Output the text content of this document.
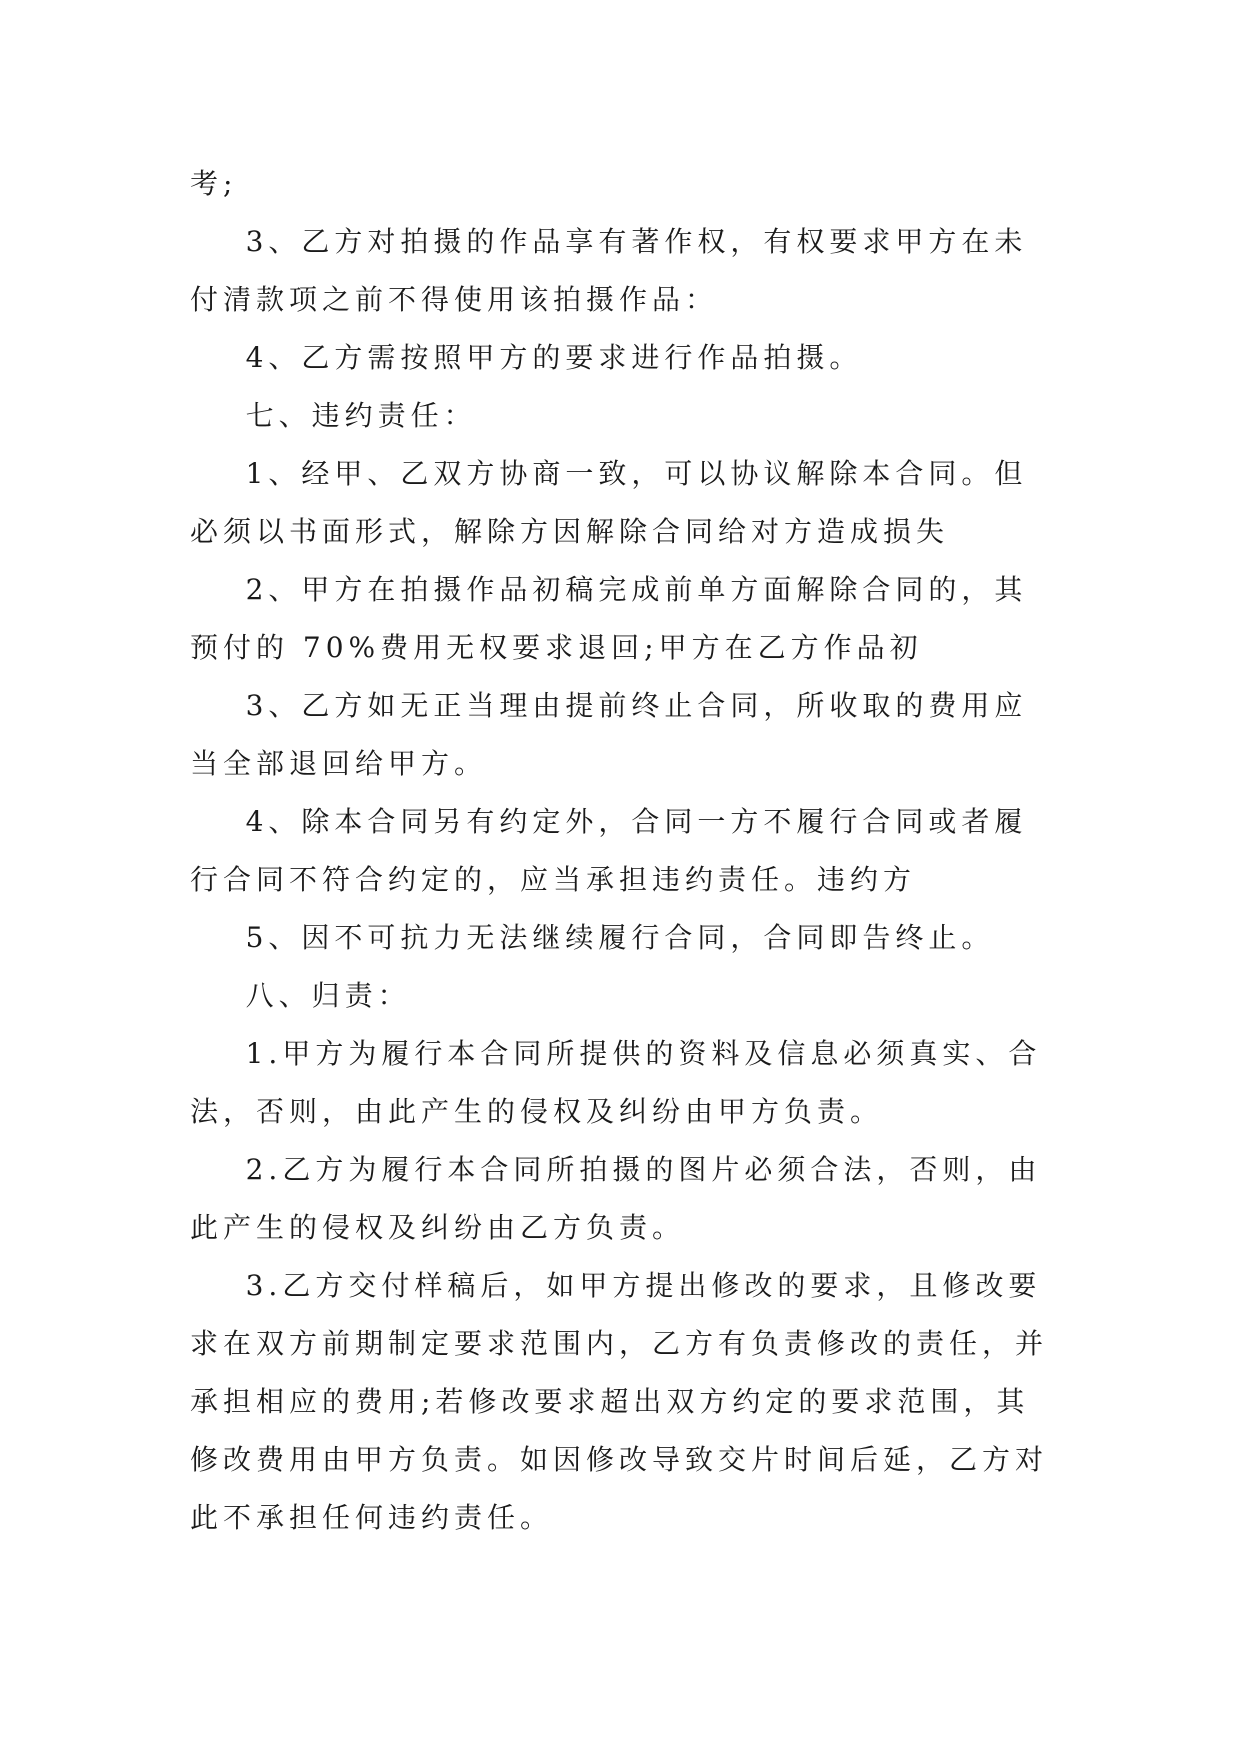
考;

3、乙方对拍摄的作品享有著作权，有权要求甲方在未

付清款项之前不得使用该拍摄作品：

4、乙方需按照甲方的要求进行作品拍摄。

七、违约责任：

1、经甲、乙双方协商一致，可以协议解除本合同。但

必须以书面形式，解除方因解除合同给对方造成损失

2、甲方在拍摄作品初稿完成前单方面解除合同的，其

预付的 70%费用无权要求退回;甲方在乙方作品初

3、乙方如无正当理由提前终止合同，所收取的费用应

当全部退回给甲方。

4、除本合同另有约定外，合同一方不履行合同或者履

行合同不符合约定的，应当承担违约责任。违约方

5、因不可抗力无法继续履行合同，合同即告终止。

八、归责：

1.甲方为履行本合同所提供的资料及信息必须真实、合

法，否则，由此产生的侵权及纠纷由甲方负责。

2.乙方为履行本合同所拍摄的图片必须合法，否则，由

此产生的侵权及纠纷由乙方负责。

3.乙方交付样稿后，如甲方提出修改的要求，且修改要

求在双方前期制定要求范围内，乙方有负责修改的责任，并

承担相应的费用;若修改要求超出双方约定的要求范围，其

修改费用由甲方负责。如因修改导致交片时间后延，乙方对

此不承担任何违约责任。
